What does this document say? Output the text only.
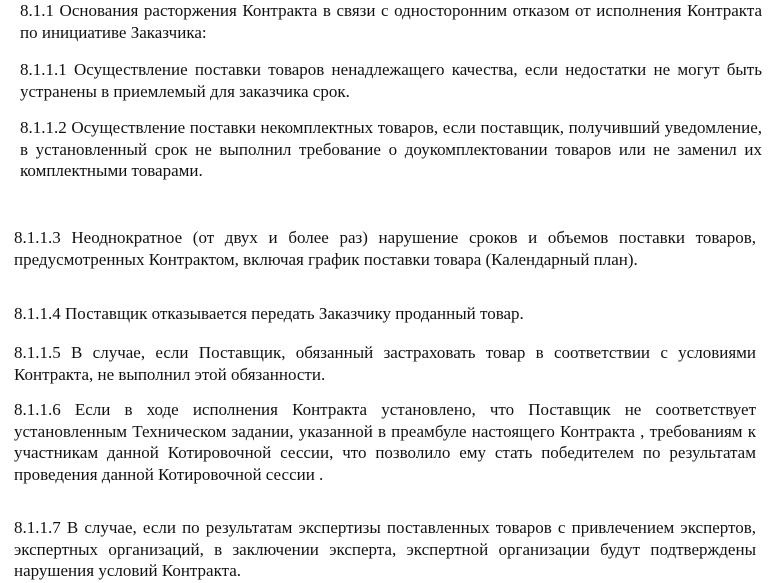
8.1.1 Основания расторжения Контракта в связи с односторонним отказом от исполнения Контракта по инициативе Заказчика:

8.1.1.1 Осуществление поставки товаров ненадлежащего качества, если недостатки не могут быть устранены в приемлемый для заказчика срок.

8.1.1.2 Осуществление поставки некомплектных товаров, если поставщик, получивший уведомление, в установленный срок не выполнил требование о доукомплектовании товаров или не заменил их комплектными товарами.

8.1.1.3 Неоднократное (от двух и более раз) нарушение сроков и объемов поставки товаров, предусмотренных Контрактом, включая график поставки товара (Календарный план).

8.1.1.4 Поставщик отказывается передать Заказчику проданный товар.

8.1.1.5 В случае, если Поставщик, обязанный застраховать товар в соответствии с условиями Контракта, не выполнил этой обязанности.

8.1.1.6 Если в ходе исполнения Контракта установлено, что Поставщик не соответствует установленным Техническом задании, указанной в преамбуле настоящего Контракта , требованиям к участникам данной Котировочной сессии, что позволило ему стать победителем по результатам проведения данной Котировочной сессии .

8.1.1.7 В случае, если по результатам экспертизы поставленных товаров с привлечением экспертов, экспертных организаций, в заключении эксперта, экспертной организации будут подтверждены нарушения условий Контракта.
